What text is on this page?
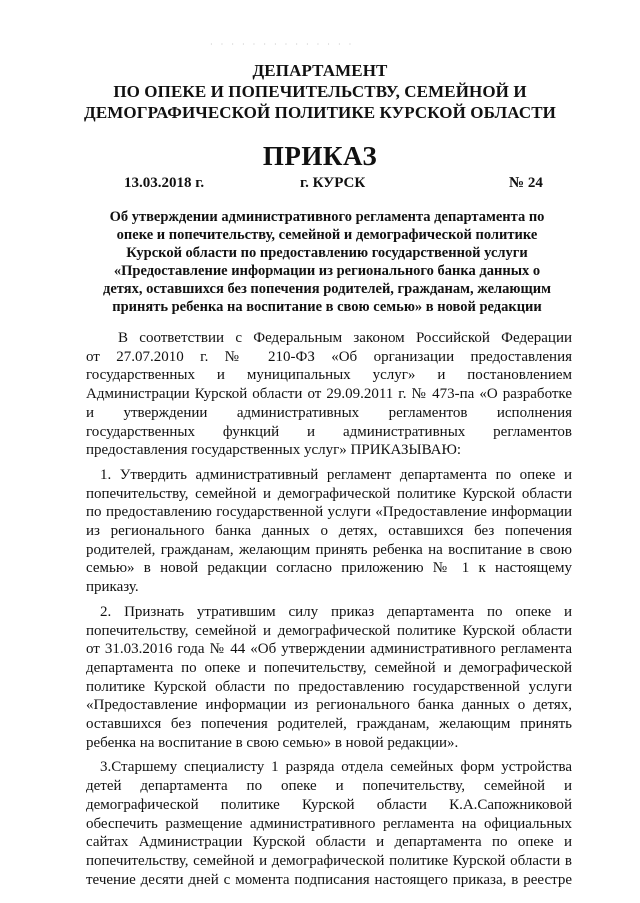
· · · · · · · · · · · · · ·
ДЕПАРТАМЕНТ
ПО ОПЕКЕ И ПОПЕЧИТЕЛЬСТВУ, СЕМЕЙНОЙ И
ДЕМОГРАФИЧЕСКОЙ ПОЛИТИКЕ КУРСКОЙ ОБЛАСТИ
ПРИКАЗ
13.03.2018 г.	г. КУРСК	№ 24
Об утверждении административного регламента департамента по
опеке и попечительству, семейной и демографической политике
Курской области по предоставлению государственной услуги
«Предоставление информации из регионального банка данных о
детях, оставшихся без попечения родителей, гражданам, желающим
принять ребенка на воспитание в свою семью» в новой редакции
В соответствии с Федеральным законом Российской Федерации
от 27.07.2010 г. № 210-ФЗ «Об организации предоставления
государственных и муниципальных услуг» и постановлением
Администрации Курской области от 29.09.2011 г. № 473-па «О разработке
и утверждении административных регламентов исполнения
государственных функций и административных регламентов
предоставления государственных услуг» ПРИКАЗЫВАЮ:
1. Утвердить административный регламент департамента по опеке и
попечительству, семейной и демографической политике Курской области
по предоставлению государственной услуги «Предоставление информации
из регионального банка данных о детях, оставшихся без попечения
родителей, гражданам, желающим принять ребенка на воспитание в свою
семью» в новой редакции согласно приложению № 1 к настоящему
приказу.
2. Признать утратившим силу приказ департамента по опеке и
попечительству, семейной и демографической политике Курской области
от 31.03.2016 года № 44 «Об утверждении административного регламента
департамента по опеке и попечительству, семейной и демографической
политике Курской области по предоставлению государственной услуги
«Предоставление информации из регионального банка данных о детях,
оставшихся без попечения родителей, гражданам, желающим принять
ребенка на воспитание в свою семью» в новой редакции».
3.Старшему специалисту 1 разряда отдела семейных форм устройства
детей департамента по опеке и попечительству, семейной и
демографической политике Курской области К.А.Сапожниковой
обеспечить размещение административного регламента на официальных
сайтах Администрации Курской области и департамента по опеке и
попечительству, семейной и демографической политике Курской области в
течение десяти дней с момента подписания настоящего приказа, в реестре
